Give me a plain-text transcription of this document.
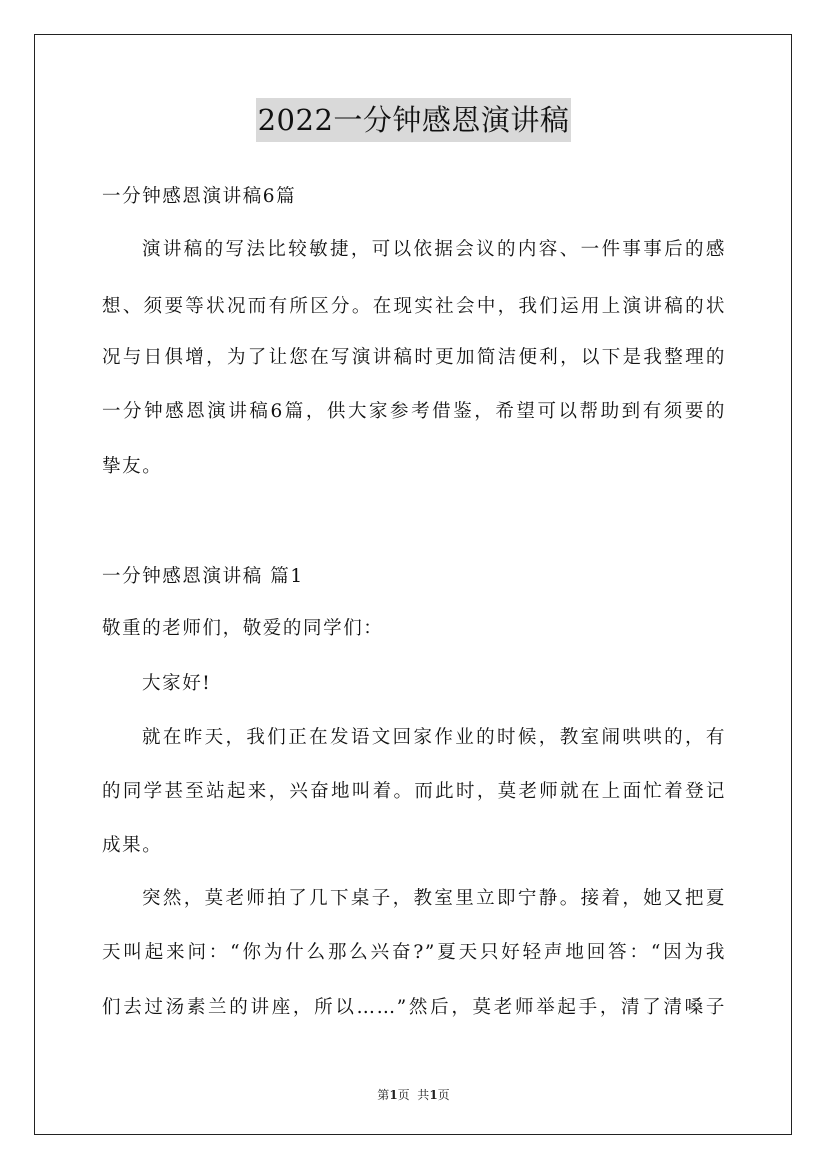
2022一分钟感恩演讲稿
一分钟感恩演讲稿6篇
演讲稿的写法比较敏捷，可以依据会议的内容、一件事事后的感
想、须要等状况而有所区分。在现实社会中，我们运用上演讲稿的状
况与日俱增，为了让您在写演讲稿时更加简洁便利，以下是我整理的
一分钟感恩演讲稿6篇，供大家参考借鉴，希望可以帮助到有须要的
挚友。
一分钟感恩演讲稿 篇1
敬重的老师们，敬爱的同学们：
大家好!
就在昨天，我们正在发语文回家作业的时候，教室闹哄哄的，有
的同学甚至站起来，兴奋地叫着。而此时，莫老师就在上面忙着登记
成果。
突然，莫老师拍了几下桌子，教室里立即宁静。接着，她又把夏
天叫起来问：“你为什么那么兴奋?”夏天只好轻声地回答：“因为我
们去过汤素兰的讲座，所以……”然后，莫老师举起手，清了清嗓子
第1页  共1页
